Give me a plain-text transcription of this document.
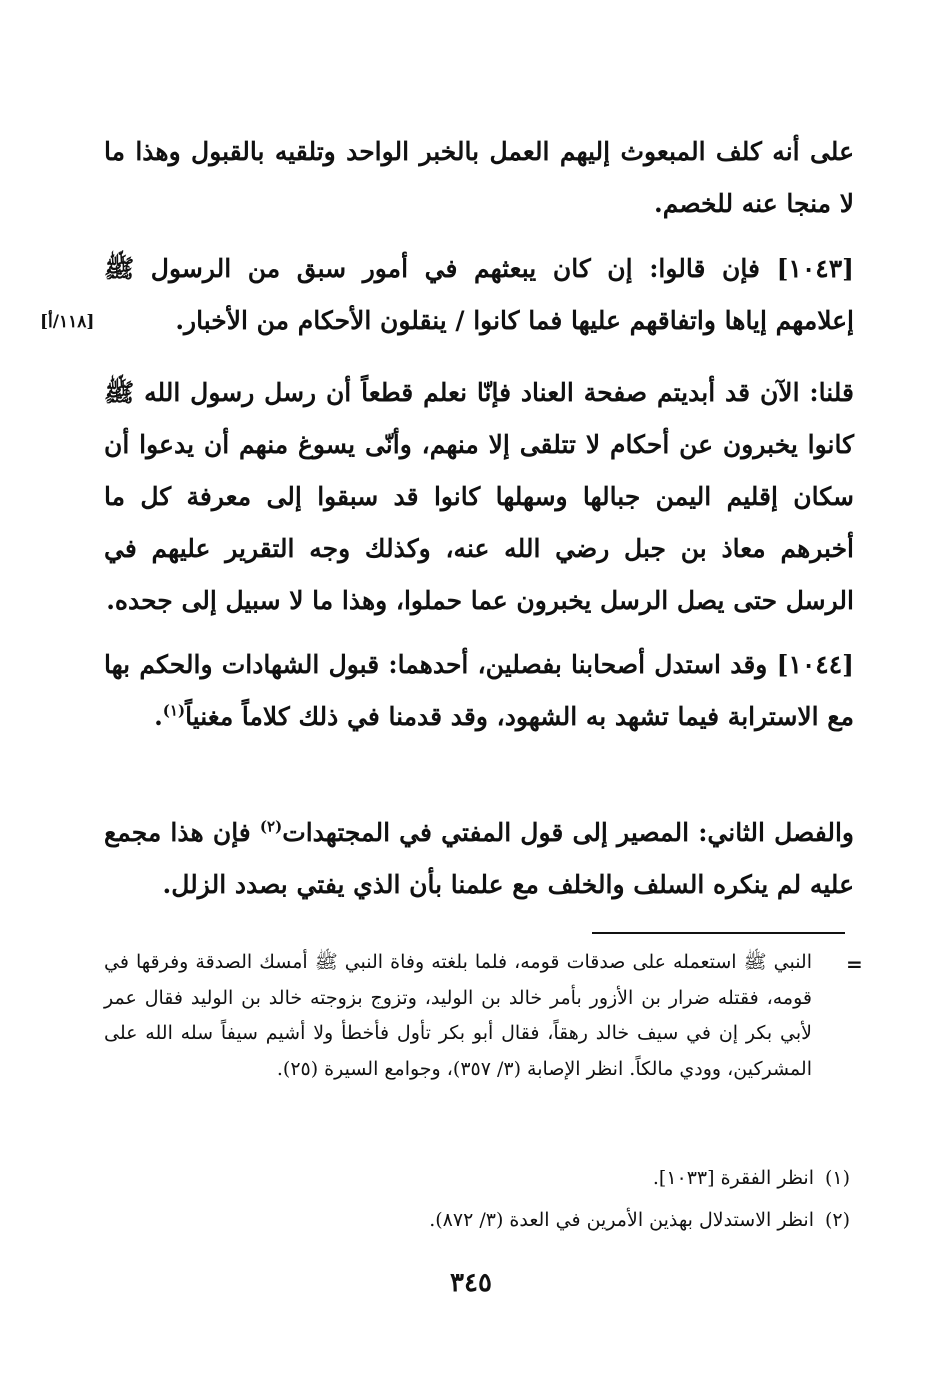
على أنه كلف المبعوث إليهم العمل بالخبر الواحد وتلقيه بالقبول وهذا ما لا منجا عنه للخصم.
[١٠٤٣] فإن قالوا: إن كان يبعثهم في أمور سبق من الرسول ﷺ إعلامهم إياها واتفاقهم عليها فما كانوا / ينقلون الأحكام من الأخبار.
[١١٨/أ]
قلنا: الآن قد أبديتم صفحة العناد فإنّا نعلم قطعاً أن رسل رسول الله ﷺ كانوا يخبرون عن أحكام لا تتلقى إلا منهم، وأنّى يسوغ منهم أن يدعوا أن سكان إقليم اليمن جبالها وسهلها كانوا قد سبقوا إلى معرفة كل ما أخبرهم معاذ بن جبل رضي الله عنه، وكذلك وجه التقرير عليهم في الرسل حتى يصل الرسل يخبرون عما حملوا، وهذا ما لا سبيل إلى جحده.
[١٠٤٤] وقد استدل أصحابنا بفصلين، أحدهما: قبول الشهادات والحكم بها مع الاسترابة فيما تشهد به الشهود، وقد قدمنا في ذلك كلاماً مغنياً$^{(١)}$.
والفصل الثاني: المصير إلى قول المفتي في المجتهدات$^{(٢)}$ فإن هذا مجمع عليه لم ينكره السلف والخلف مع علمنا بأن الذي يفتي بصدد الزلل.
=
النبي ﷺ استعمله على صدقات قومه، فلما بلغته وفاة النبي ﷺ أمسك الصدقة وفرقها في قومه، فقتله ضرار بن الأزور بأمر خالد بن الوليد، وتزوج بزوجته خالد بن الوليد فقال عمر لأبي بكر إن في سيف خالد رهقاً، فقال أبو بكر تأول فأخطأ ولا أشيم سيفاً سله الله على المشركين، وودي مالكاً. انظر الإصابة (٣/ ٣٥٧)، وجوامع السيرة (٢٥).
(١)انظر الفقرة [١٠٣٣].
(٢)انظر الاستدلال بهذين الأمرين في العدة (٣/ ٨٧٢).
٣٤٥
